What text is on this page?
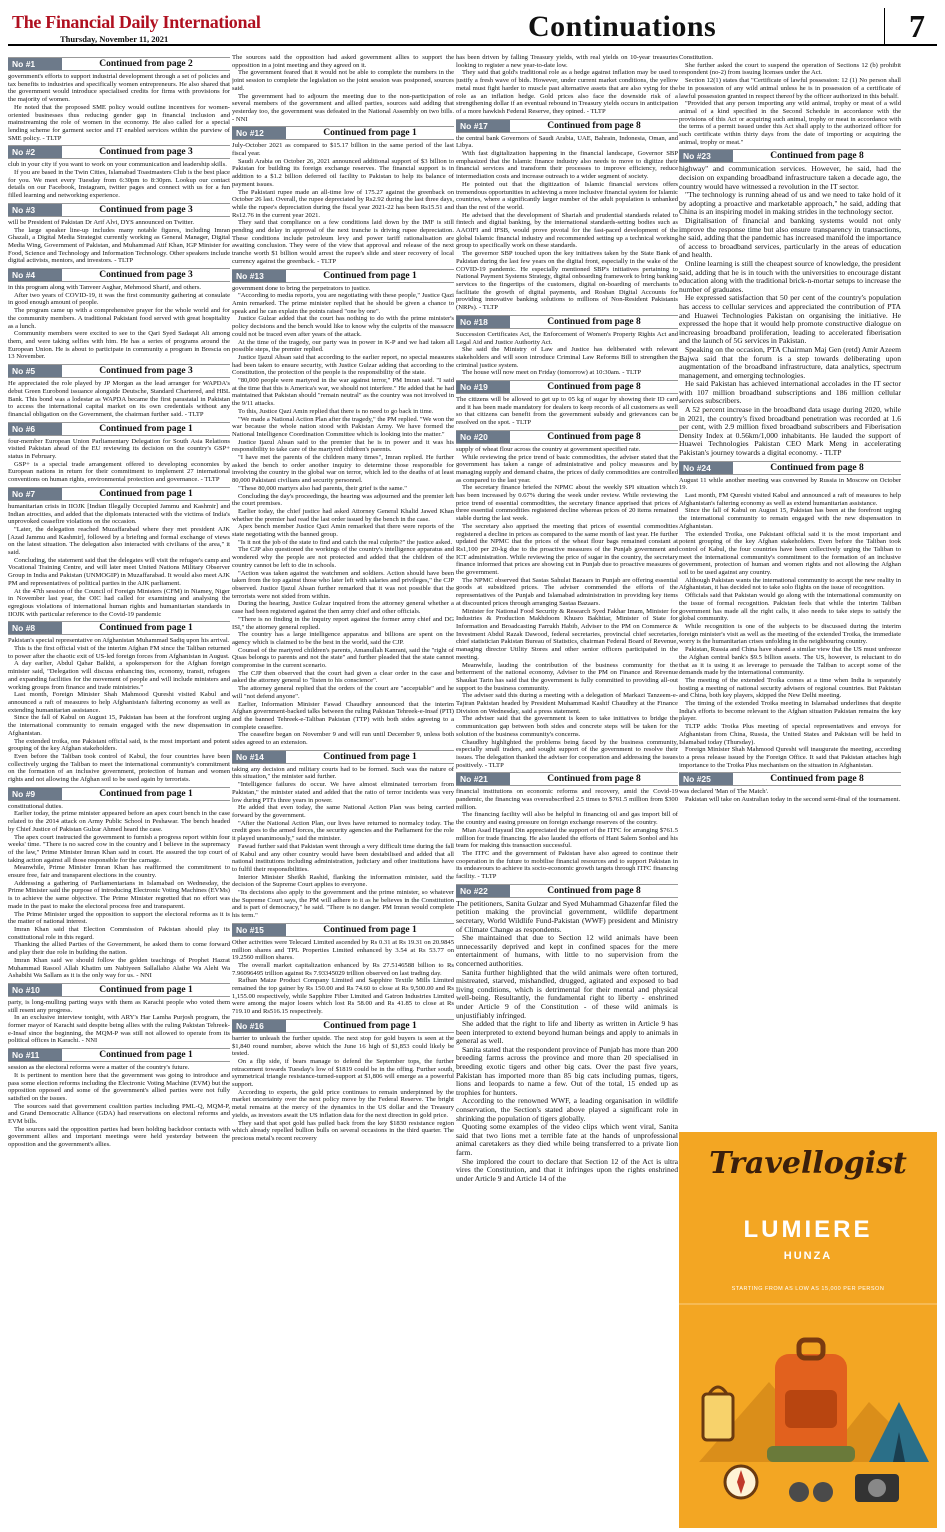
The Financial Daily International
Thursday, November 11, 2021	Continuations	7
No #1	Continued from page 2

government's efforts to support industrial development through a set of policies and tax benefits to industries and specifically women entrepreneurs. He also shared that the government would introduce specialised credits for firms with provisions for the majority of women.

He noted that the proposed SME policy would outline incentives for women-oriented businesses thus reducing gender gap in financial inclusion and mainstreaming the role of women in the economy. He also called for a special lending scheme for garment sector and IT enabled services within the purview of SME policy. - TLTP

No #2	Continued from page 3

club in your city if you want to work on your communication and leadership skills.

If you are based in the Twin Cities, Islamabad Toastmasters Club is the best place for you. We meet every Tuesday from 6:30pm to 8:30pm. Lookup our contact details on our Facebook, Instagram, twitter pages and connect with us for a fun filled learning and networking experience.

No #3	Continued from page 3

will be President of Pakistan Dr Arif Alvi, DYS announced on Twitter.

The large speaker line-up includes many notable figures, including Imran Ghazali, a Digital Media Strategist currently working as General Manager, Digital Media Wing, Government of Pakistan, and Muhammad Atif Khan, IGP Minister for Food, Science and Technology and Information Technology. Other speakers include digital activists, mentors, and investors. - TLTP

No #4	Continued from page 3

in this program along with Tanveer Asghar, Mehmood Sharif, and others.

After two years of COVID-19, it was the first community gathering at consulate in good enough amount of people.

The program came up with a comprehensive prayer for the whole world and for the community members. A traditional Pakistani food served with great hospitality as a lunch.

Community members were excited to see to the Qari Syed Sadaqat Ali among them, and were taking selfies with him. He has a series of programs around the European Union. He is about to participate in community a program in Brescia on 13 November.

No #5	Continued from page 3

He appreciated the role played by JP Morgan as the lead arranger for WAPDA's debut Green Eurobond issuance alongside Deutsche, Standard Chartered, and HBL Bank. This bond was a lodestar as WAPDA became the first parastatal in Pakistan to access the international capital market on its own credentials without any financial obligation on the Government, the chairman further said. - TLTP

No #6	Continued from page 1

four-member European Union Parliamentary Delegation for South Asia Relations visited Pakistan ahead of the EU reviewing its decision on the country's GSP+ status in February.

GSP+ is a special trade arrangement offered to developing economies by European nations in return for their commitment to implement 27 international conventions on human rights, environmental protection and governance. - TLTP

No #7	Continued from page 1

humanitarian crisis in IIOJK [Indian Illegally Occupied Jammu and Kashmir] and Indian atrocities, and added that the diplomats interacted with the victims of India's unprovoked ceasefire violations on the occasion.

"Later, the delegation reached Muzaffarabad where they met president AJK [Azad Jammu and Kashmir], followed by a briefing and formal exchange of views on the latest situation. The delegation also interacted with civilians of the area," it said.

Concluding, the statement said that the delegates will visit the refugee's camp and Vocational Training Centre, and will later meet United Nations Military Observer Group in India and Pakistan (UNMOGIP) in Muzaffarabad. It would also meet AJK PM and representatives of political parties in the AJK parliament.

At the 47th session of the Council of Foreign Ministers (CFM) in Niamey, Niger in November last year, the OIC had called for examining and analysing the egregious violations of international human rights and humanitarian standards in IIOJK with particular reference to the Covid-19 pandemic

No #8	Continued from page 1

Pakistan's special representative on Afghanistan Muhammad Sadiq upon his arrival.

This is the first official visit of the interim Afghan FM since the Taliban returned to power after the chaotic exit of US-led foreign forces from Afghanistan in August.

A day earlier, Abdul Qahar Balkhi, a spokesperson for the Afghan foreign minister said, "Delegation will discuss enhancing ties, economy, transit, refugees and expanding facilities for the movement of people and will include ministers and working groups from finance and trade ministries."

Last month, Foreign Minister Shah Mahmood Qureshi visited Kabul and announced a raft of measures to help Afghanistan's faltering economy as well as extending humanitarian assistance.

Since the fall of Kabul on August 15, Pakistan has been at the forefront urging the international community to remain engaged with the new dispensation in Afghanistan.

The extended troika, one Pakistani official said, is the most important and potent grouping of the key Afghan stakeholders.

Even before the Taliban took control of Kabul, the four countries have been collectively urging the Taliban to meet the international community's commitment on the formation of an inclusive government, protection of human and women rights and not allowing the Afghan soil to be used again by terrorists.

No #9	Continued from page 1

constitutional duties.

Earlier today, the prime minister appeared before an apex court bench in the case related to the 2014 attack on Army Public School in Peshawar. The bench headed by Chief Justice of Pakistan Gulzar Ahmed heard the case.

The apex court instructed the government to furnish a progress report within four weeks' time. "There is no sacred cow in the country and I believe in the supremacy of the law," Prime Minister Imran Khan said in court. He assured the top court of taking action against all those responsible for the carnage.

Meanwhile, Prime Minister Imran Khan has reaffirmed the commitment to ensure free, fair and transparent elections in the country.

Addressing a gathering of Parliamentarians in Islamabad on Wednesday, the Prime Minister said the purpose of introducing Electronic Voting Machines (EVMs) is to achieve the same objective. The Prime Minister regretted that no effort was made in the past to make the electoral process free and transparent.

The Prime Minister urged the opposition to support the electoral reforms as it is the matter of national interest.

Imran Khan said that Election Commission of Pakistan should play its constitutional role in this regard.

Thanking the allied Parties of the Government, he asked them to come forward and play their due role in building the nation.

Imran Khan said we should follow the golden teachings of Prophet Hazrat Muhammad Rasool Allah Khatim um Nabiyeen Sallallaho Alaihe Wa Alehi Wa Ashabihi Wa Sallam as it is the only way for us. - NNI

No #10	Continued from page 1

party, is long-mulling parting ways with them as Karachi people who voted them still resent any progress.

In an exclusive interview tonight, with ARY's Har Lamha Purjosh program, the former mayor of Karachi said despite being allies with the ruling Pakistan Tehreek-e-Insaf since the beginning, the MQM-P was still not allowed to operate from its political offices in Karachi. - NNI

No #11	Continued from page 1

session as the electoral reforms were a matter of the country's future.

It is pertinent to mention here that the government was going to introduce and pass some election reforms including the Electronic Voting Machine (EVM) but the opposition opposed and some of the government's allied parties were not fully satisfied on the issues.

The sources said that government coalition parties including PML-Q, MQM-P, and Grand Democratic Alliance (GDA) had reservations on electoral reforms and EVM bills.

The sources said the opposition parties had been holding backdoor contacts with government allies and important meetings were held yesterday between the opposition and the government's allies.

The sources said the opposition had asked government allies to support the opposition in a joint meeting and they agreed on it.

The government feared that it would not be able to complete the numbers in the joint session to complete the legislation so the joint session was postponed, sources said.

The government had to adjourn the meeting due to the non-participation of several members of the government and allied parties, sources said adding that yesterday too, the government was defeated in the National Assembly on two bills. - NNI

No #12	Continued from page 1

July-October 2021 as compared to $15.17 billion in the same period of the last fiscal year.

Saudi Arabia on October 26, 2021 announced additional support of $3 billion to Pakistan for building its foreign exchange reserves. The financial support is in addition to a $1.2 billion deferred oil facility to Pakistan to help its balance of payment issues.

The Pakistani rupee made an all-time low of 175.27 against the greenback on October 26 last. Overall, the rupee depreciated by Rs2.92 during the last three days, while the rupee's depreciation during the fiscal year 2021-22 has been Rs15.51 and Rs12.76 in the current year 2021.

They said that compliance on a few conditions laid down by the IMF is still pending and delay in approval of the next tranche is driving rupee depreciation. These conditions include petroleum levy and power tariff rationalisation are awaiting conclusion. They were of the view that approval and release of the next tranche worth $1 billion would arrest the rupee's slide and steer recovery of local currency against the greenback. - TLTP

No #13	Continued from page 1

government done to bring the perpetrators to justice.

"According to media reports, you are negotiating with these people," Justice Qazi Amin remarked. The prime minister replied that he should be given a chance to speak and he can explain the points raised "one by one".

Justice Gulzar added that the court has nothing to do with the prime minister's policy decisions and the bench would like to know why the culprits of the massacre could not be traced even after years of the attack.

At the time of the tragedy, our party was in power in K-P and we had taken all possible steps, the premier replied.

Justice Ijazul Ahsan said that according to the earlier report, no special measures had been taken to ensure security, with Justice Gulzar adding that according to the Constitution, the protection of the people is the responsibility of the state.

"80,000 people were martyred in the war against terror," PM Imran said. "I said at the time that this is America's war, we should not interfere." He added that he had maintained that Pakistan should "remain neutral" as the country was not involved in the 9/11 attacks.

To this, Justice Qazi Amin replied that there is no need to go back in time.

"We made a National Action Plan after the tragedy," the PM replied. "We won the war because the whole nation stood with Pakistan Army. We have formed the National Intelligence Coordination Committee which is looking into the matter."

Justice Ijazul Ahsan said to the premier that he is in power and it was his responsibility to take care of the martyred children's parents.

"I have met the parents of the children many times", Imran replied. He further asked the bench to order another inquiry to determine those responsible for involving the country in the global war on terror, which led to the deaths of at least 80,000 Pakistani civilians and security personnel.

"These 80,000 martyrs also had parents, their grief is the same."

Concluding the day's proceedings, the hearing was adjourned and the premier left the court premises.

Earlier today, the chief justice had asked Attorney General Khalid Jawed Khan whether the premier had read the last order issued by the bench in the case.

Apex bench member Justice Qazi Amin remarked that there were reports of the state negotiating with the banned group.

"Is it not the job of the state to find and catch the real culprits?" the justice asked.

The CJP also questioned the workings of the country's intelligence apparatus and wondered why the people are not protected and added that the children of the country cannot be left to die in schools.

"Action was taken against the watchmen and soldiers. Action should have been taken from the top against those who later left with salaries and privileges," the CJP observed. Justice Ijazul Ahsan further remarked that it was not possible that the terrorists were not sided from within.

During the hearing, Justice Gulzar inquired from the attorney general whether a case had been registered against the then army chief and other officials.

"There is no finding in the inquiry report against the former army chief and DG ISI," the attorney general replied.

The country has a large intelligence apparatus and billions are spent on the agency which is claimed to be the best in the world, said the CJP.

Counsel of the martyred children's parents, Amanullah Kanrani, said the "right of Qisas belongs to parents and not the state" and further pleaded that the state cannot compromise in the current scenario.

The CJP then observed that the court had given a clear order in the case and asked the attorney general to "listen to his conscience".

The attorney general replied that the orders of the court are "acceptable" and he will "not defend anyone".

Earlier, Information Minister Fawad Chaudhry announced that the interim Afghan government-backed talks between the ruling Pakistan Tehreek-e-Insaf (PTI) and the banned Tehreek-e-Taliban Pakistan (TTP) with both sides agreeing to a complete ceasefire.

The ceasefire began on November 9 and will run until December 9, unless both sides agreed to an extension.

No #14	Continued from page 1

taking any decision and military courts had to be formed. Such was the nature of this situation," the minister said further.

"Intelligence failures do occur. We have almost eliminated terrorism from Pakistan," the minister stated and added that the ratio of terror incidents was very low during PTI's three years in power.

He added that even today, the same National Action Plan was being carried forward by the government.

"After the National Action Plan, our lives have returned to normalcy today. The credit goes to the armed forces, the security agencies and the Parliament for the role it played unanimously," said the minister.

Fawad further said that Pakistan went through a very difficult time during the fall of Kabul and any other country would have been destabilised and added that all national institutions including administration, judiciary and other institutions have to fulfil their responsibilities.

Interior Minister Sheikh Rashid, flanking the information minister, said the decision of the Supreme Court applies to everyone.

"Its decisions also apply to the government and the prime minister, so whatever the Supreme Court says, the PM will adhere to it as he believes in the Constitution and is part of democracy," he said. "There is no danger. PM Imran would complete his term."

No #15	Continued from page 1

Other activities were Telecard Limited ascended by Rs 0.31 at Rs 19.31 on 20.9845 million shares and TPL Properties Limited enhanced by 3.54 at Rs 53.77 on 19.2560 million shares.

The overall market capitalization enhanced by Rs 27.5146588 billion to Rs 7.96096495 trillion against Rs 7.93345029 trillion observed on last trading day.

Rafhan Maize Product Company Limited and Sapphire Textile Mills Limited remained the top gainer by Rs 150.00 and Rs 74.60 to close at Rs 9,500.00 and Rs 1,155.00 respectively, while Sapphire Fiber Limited and Gatron Industries Limited were among the major losers which lost Rs 58.00 and Rs 41.85 to close at Rs 719.10 and Rs516.15 respectively.

No #16	Continued from page 1

barrier to unleash the further upside. The next stop for gold buyers is seen at the $1,840 round number, above which the June 16 high of $1,853 could likely be tested.

On a flip side, if bears manage to defend the September tops, the further retracement towards Tuesday's low of $1819 could be in the offing. Further south, symmetrical triangle resistance-turned-support at $1,806 will emerge as a powerful support.

According to experts, the gold price continues to remain underpinned by the market uncertainty over the next policy move by the Federal Reserve. The bright metal remains at the mercy of the dynamics in the US dollar and the Treasury yields, as investors await the US inflation data for the next direction in gold price.

They said that spot gold has pulled back from the key $1830 resistance region which already repelled bullion bulls on several occasions in the third quarter. The precious metal's recent recovery

has been driven by falling Treasury yields, with real yields on 10-year treasuries looking to register a new year-to-date low.

They said that gold's traditional role as a hedge against inflation may be used to justify a fresh wave of bids. However, under current market conditions, the yellow metal must fight harder to muscle past alternative assets that are also vying for the role as an inflation hedge. Gold prices also face the downside risk of a strengthening dollar if an eventual rebound in Treasury yields occurs in anticipation of a more hawkish Federal Reserve, they opined. - TLTP

No #17	Continued from page 8

the central bank Governors of Saudi Arabia, UAE, Bahrain, Indonesia, Oman, and Libya.

With fast digitalization happening in the financial landscape, Governor SBP emphasized that the Islamic finance industry also needs to move to digitize their financial services and transform their processes to improve efficiency, reduce intermediation costs and increase outreach to a wider segment of society.

He pointed out that the digitization of Islamic financial services offers tremendous opportunities in achieving a more inclusive financial system for Islamic countries, where a significantly larger number of the adult population is unbanked than the rest of the world.

He advised that the development of Shariah and prudential standards related to fintech and digital banking, by the international standards-setting bodies such as AAOIFI and IFSB, would prove pivotal for the fast-paced development of the global Islamic financial industry and recommended setting up a technical working group to specifically work on these standards.

The governor SBP touched upon the key initiatives taken by the State Bank of Pakistan during the last few years on the digital front, especially in the wake of the COVID-19 pandemic. He especially mentioned SBP's initiatives pertaining to National Payment Systems Strategy, digital onboarding framework to bring banking services to the fingertips of the customers, digital on-boarding of merchants to facilitate the growth of digital payments, and Roshan Digital Accounts for providing innovative banking solutions to millions of Non-Resident Pakistanis (NRPs). - TLTP

No #18	Continued from page 8

Succession Certificates Act, the Enforcement of Women's Property Rights Act and Legal Aid and Justice Authority Act.

She said the Ministry of Law and Justice has deliberated with relevant stakeholders and will soon introduce Criminal Law Reforms Bill to strengthen the criminal justice system.

The house will now meet on Friday (tomorrow) at 10:30am. - TLTP

No #19	Continued from page 8

The citizens will be allowed to get up to 05 kg of sugar by showing their ID card and it has been made mandatory for dealers to keep records of all customers as well so that citizens can benefit from the government subsidy and grievances can be resolved on the spot. - TLTP

No #20	Continued from page 8

supply of wheat flour across the country at government specified rate.

While reviewing the price trend of basic commodities, the adviser stated that the government has taken a range of administrative and policy measures and by managing supply and demand chains, the prices of daily commodities are controlled as compared to the last year.

The secretary finance briefed the NPMC about the weekly SPI situation which has been increased by 0.67% during the week under review. While reviewing the price trend of essential commodities, the secretary finance apprised that prices of three essential commodities registered decline whereas prices of 20 items remained stable during the last week.

The secretary also apprised the meeting that prices of essential commodities registered a decline in prices as compared to the same month of last year. He further updated the NPMC that the prices of the wheat flour bags remained constant at Rs1,100 per 20-kg due to the proactive measures of the Punjab government and ICT administration. While reviewing the price of sugar in the country, the secretary finance informed that prices are showing cut in Punjab due to proactive measures of the government.

The NPMC observed that Sastas Sahulat Bazaars in Punjab are offering essential goods at subsidized prices. The adviser commended the efforts of the representatives of the Punjab and Islamabad administration in providing key items at discounted prices through arranging Sastaa Bazaars.

Minister for National Food Security & Research Syed Fakhar Imam, Minister for Industries & Production Makhdoom Khusro Bakhtiar, Minister of State for Information and Broadcasting Farrukh Habib, Adviser to the PM on Commerce & Investment Abdul Razak Dawood, federal secretaries, provincial chief secretaries, chief statistician Pakistan Bureau of Statistics, chairman Federal Board of Revenue, managing director Utility Stores and other senior officers participated in the meeting.

Meanwhile, lauding the contribution of the business community for the betterment of the national economy, Adviser to the PM on Finance and Revenue Shaukat Tarin has said that the government is fully committed to providing all-out support to the business community.

The adviser said this during a meeting with a delegation of Markazi Tanzeem-e-Tajiran Pakistan headed by President Muhammad Kashif Chaudhry at the Finance Division on Wednesday, said a press statement.

The adviser said that the government is keen to take initiatives to bridge the communication gap between both sides and concrete steps will be taken for the solution of the business community's concerns.

Chaudhry highlighted the problems being faced by the business community, especially small traders, and sought support of the government to resolve their issues. The delegation thanked the adviser for cooperation and addressing the issues positively. - TLTP

No #21	Continued from page 8

financial institutions on economic reforms and recovery, amid the Covid-19 pandemic, the financing was oversubscribed 2.5 times to $761.5 million from $300 million.

The financing facility will also be helpful in financing oil and gas import bill of the country and easing pressure on foreign exchange reserves of the country.

Mian Asad Hayaud Din appreciated the support of the ITFC for arranging $761.5 million for trade financing. He also lauded the efforts of Hani Salem Sonbol and his team for making this transaction successful.

The ITFC and the government of Pakistan have also agreed to continue their cooperation in the future to mobilise financial resources and to support Pakistan in its endeavours to achieve its socio-economic growth targets through ITFC financing facility. - TLTP

No #22	Continued from page 8

The petitioners, Sanita Gulzar and Syed Muhammad Ghazenfar filed the petition making the provincial government, wildlife department secretary, World Wildlife Fund-Pakistan (WWF) president and Ministry of Climate Change as respondents.

She maintained that due to Section 12 wild animals have been unnecessarily deprived and kept in confined spaces for the mere entertainment of humans, with little to no supervision from the concerned authorities.

Sanita further highlighted that the wild animals were often tortured, mistreated, starved, mishandled, drugged, agitated and exposed to bad living conditions, which is detrimental for their mental and physical well-being. Resultantly, the fundamental right to liberty - enshrined under Article 9 of the Constitution - of these wild animals is unjustifiably infringed.

She added that the right to life and liberty as written in Article 9 has been interpreted to extend beyond human beings and apply to animals in general as well.

Sanita stated that the respondent province of Punjab has more than 200 breeding farms across the province and more than 20 specialised in breeding exotic tigers and other big cats. Over the past five years, Pakistan has imported more than 85 big cats including pumas, tigers, lions and leopards to name a few. Out of the total, 15 ended up as trophies for hunters.

According to the renowned WWF, a leading organisation in wildlife conservation, the Section's stated above played a significant role in shrinking the population of tigers globally.

Quoting some examples of the video clips which went viral, Sanita said that two lions met a terrible fate at the hands of unprofessional animal caretakers as they died while being transferred to a private lion farm.

She implored the court to declare that Section 12 of the Act is ultra vires the Constitution, and that it infringes upon the rights enshrined under Article 9 and Article 14 of the

Constitution.

She further asked the court to suspend the operation of Sections 12 (b) prohibit respondent (no-2) from issuing licenses under the Act.

Section 12(1) states that "Certificate of lawful possession: 12 (1) No person shall be in possession of any wild animal unless he is in possession of a certificate of lawful possession granted in respect thereof by the officer authorized in this behalf.

"Provided that any person importing any wild animal, trophy or meat of a wild animal of a kind specified in the Second Schedule in accordance with the provisions of this Act or acquiring such animal, trophy or meat in accordance with the terms of a permit issued under this Act shall apply to the authorized officer for such certificate within thirty days from the date of importing or acquiring the animal, trophy or meat."

No #23	Continued from page 8

highway" and communication services. However, he said, had the decision on expanding broadband infrastructure taken a decade ago, the country would have witnessed a revolution in the IT sector.

"The technology is running ahead of us and we need to take hold of it by adopting a proactive and marketable approach," he said, adding that China is an inspiring model in making strides in the technology sector.

Digitalisation of financial and banking systems would not only improve the response time but also ensure transparency in transactions, he said, adding that the pandemic has increased manifold the importance of access to broadband services, particularly in the areas of education and health.

Online learning is still the cheapest source of knowledge, the president said, adding that he is in touch with the universities to encourage distant education along with the traditional brick-n-mortar setups to increase the number of graduates.

He expressed satisfaction that 50 per cent of the country's population has access to cellular services and appreciated the contribution of PTA and Huawei Technologies Pakistan on organising the initiative. He expressed the hope that it would help promote constructive dialogue on increasing broadband proliferation, leading to accelerated fiberisation and the launch of 5G services in Pakistan.

Speaking on the occasion, PTA Chairman Maj Gen (retd) Amir Azeem Bajwa said that the forum is a step towards deliberating upon augmentation of the broadband infrastructure, data analytics, spectrum management, and emerging technologies.

He said Pakistan has achieved international accolades in the IT sector with 107 million broadband subscriptions and 186 million cellular services subscribers.

A 52 percent increase in the broadband data usage during 2020, while in 2021, the country's fixed broadband penetration was recorded at 1.6 per cent, with 2.9 million fixed broadband subscribers and Fiberisation Density Index at 0.56km/1,000 inhabitants. He lauded the support of Huawei Technologies Pakistan CEO Mark Meng in accelerating Pakistan's journey towards a digital economy. - TLTP

No #24	Continued from page 8

August 11 while another meeting was convened by Russia in Moscow on October 19.

Last month, FM Qureshi visited Kabul and announced a raft of measures to help Afghanistan's faltering economy as well as extend humanitarian assistance.

Since the fall of Kabul on August 15, Pakistan has been at the forefront urging the international community to remain engaged with the new dispensation in Afghanistan.

The extended Troika, one Pakistani official said it is the most important and potent grouping of the key Afghan stakeholders. Even before the Taliban took control of Kabul, the four countries have been collectively urging the Taliban to meet the international community's commitment to the formation of an inclusive government, protection of human and women rights and not allowing the Afghan soil to be used against any country.

Although Pakistan wants the international community to accept the new reality in Afghanistan, it has decided not to take solo flights on the issue of recognition.

Officials said that Pakistan would go along with the international community on the issue of formal recognition. Pakistan feels that while the interim Taliban government has made all the right calls, it also needs to take steps to satisfy the global community.

While recognition is one of the subjects to be discussed during the interim foreign minister's visit as well as the meeting of the extended Troika, the immediate worry is the humanitarian crises unfolding in the neighbouring country.

Pakistan, Russia and China have shared a similar view that the US must unfreeze the Afghan central bank's $9.5 billion assets. The US, however, is reluctant to do that as it is using it as leverage to persuade the Taliban to accept some of the demands made by the international community.

The meeting of the extended Troika comes at a time when India is separately hosting a meeting of national security advisers of regional countries. But Pakistan and China, both key players, skipped the New Delhi meeting.

The timing of the extended Troika meeting in Islamabad underlines that despite India's efforts to become relevant to the Afghan situation Pakistan remains the key player.

TLTP adds: Troika Plus meeting of special representatives and envoys for Afghanistan from China, Russia, the United States and Pakistan will be held in Islamabad today (Thursday).

Foreign Minister Shah Mahmood Qureshi will inaugurate the meeting, according to a press release issued by the Foreign Office. It said that Pakistan attaches high importance to the Troika Plus mechanism on the situation in Afghanistan.

No #25	Continued from page 8

was declared 'Man of The Match'.

Pakistan will take on Australian today in the second semi-final of the tournament.

Travellogist
LUMIERE
HUNZA
STARTING FROM AS LOW AS 15,000 PER PERSON
